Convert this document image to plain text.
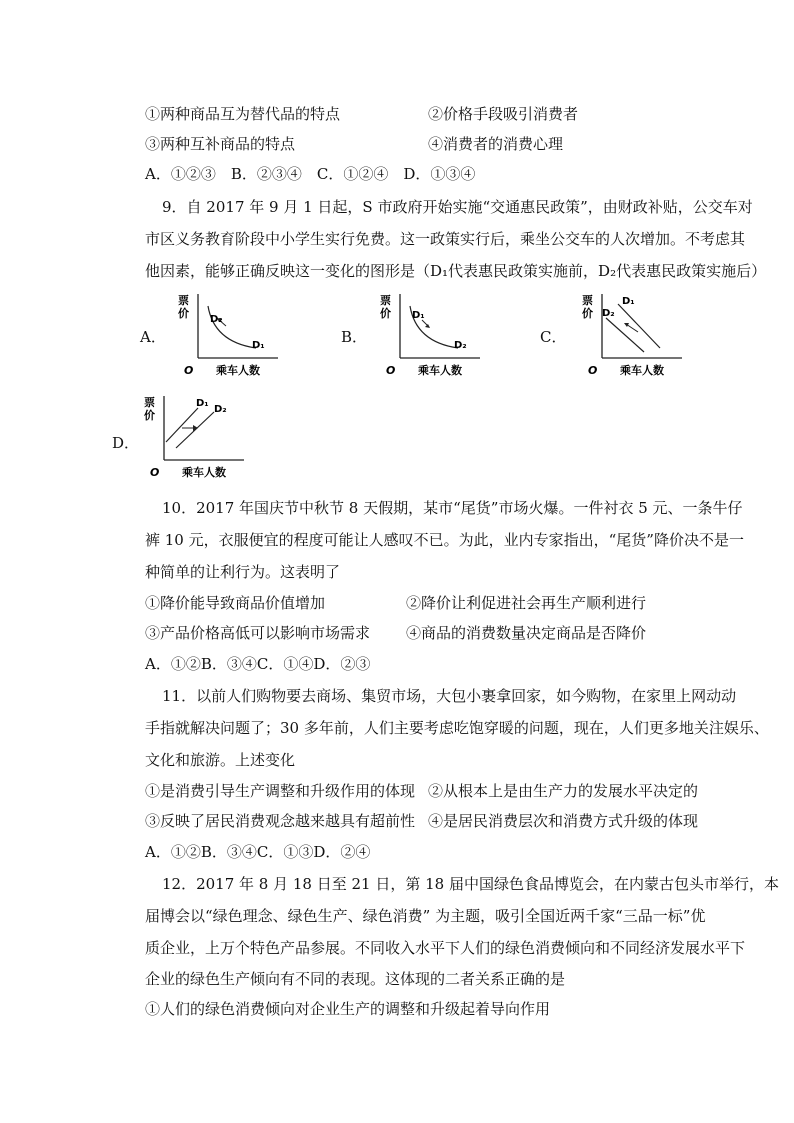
①两种商品互为替代品的特点	②价格手段吸引消费者
③两种互补商品的特点	④消费者的消费心理
A．①②③　B．②③④　C．①②④　D．①③④
9．自 2017 年 9 月 1 日起，S 市政府开始实施“交通惠民政策”，由财政补贴，公交车对
市区义务教育阶段中小学生实行免费。这一政策实行后，乘坐公交车的人次增加。不考虑其
他因素，能够正确反映这一变化的图形是（D₁代表惠民政策实施前，D₂代表惠民政策实施后）
A．
票
价 D₂
D₁
O 乘车人数
B．
票
价 D₁
D₂
O 乘车人数
C．
票
价
D₁
D₂
O 乘车人数
D．
票
价
D₁
D₂
O 乘车人数
10．2017 年国庆节中秋节 8 天假期，某市“尾货”市场火爆。一件衬衣 5 元、一条牛仔
裤 10 元，衣服便宜的程度可能让人感叹不已。为此，业内专家指出，“尾货”降价决不是一
种简单的让利行为。这表明了
①降价能导致商品价值增加	②降价让利促进社会再生产顺利进行
③产品价格高低可以影响市场需求 ④商品的消费数量决定商品是否降价
A．①②B．③④C．①④D．②③
11．以前人们购物要去商场、集贸市场，大包小裹拿回家，如今购物，在家里上网动动
手指就解决问题了；30 多年前，人们主要考虑吃饱穿暖的问题，现在，人们更多地关注娱乐、
文化和旅游。上述变化
①是消费引导生产调整和升级作用的体现 ②从根本上是由生产力的发展水平决定的
③反映了居民消费观念越来越具有超前性 ④是居民消费层次和消费方式升级的体现
A．①②B．③④C．①③D．②④
12．2017 年 8 月 18 日至 21 日，第 18 届中国绿色食品博览会，在内蒙古包头市举行，本
届博会以“绿色理念、绿色生产、绿色消费” 为主题，吸引全国近两千家“三品一标”优
质企业，上万个特色产品参展。不同收入水平下人们的绿色消费倾向和不同经济发展水平下
企业的绿色生产倾向有不同的表现。这体现的二者关系正确的是
①人们的绿色消费倾向对企业生产的调整和升级起着导向作用
